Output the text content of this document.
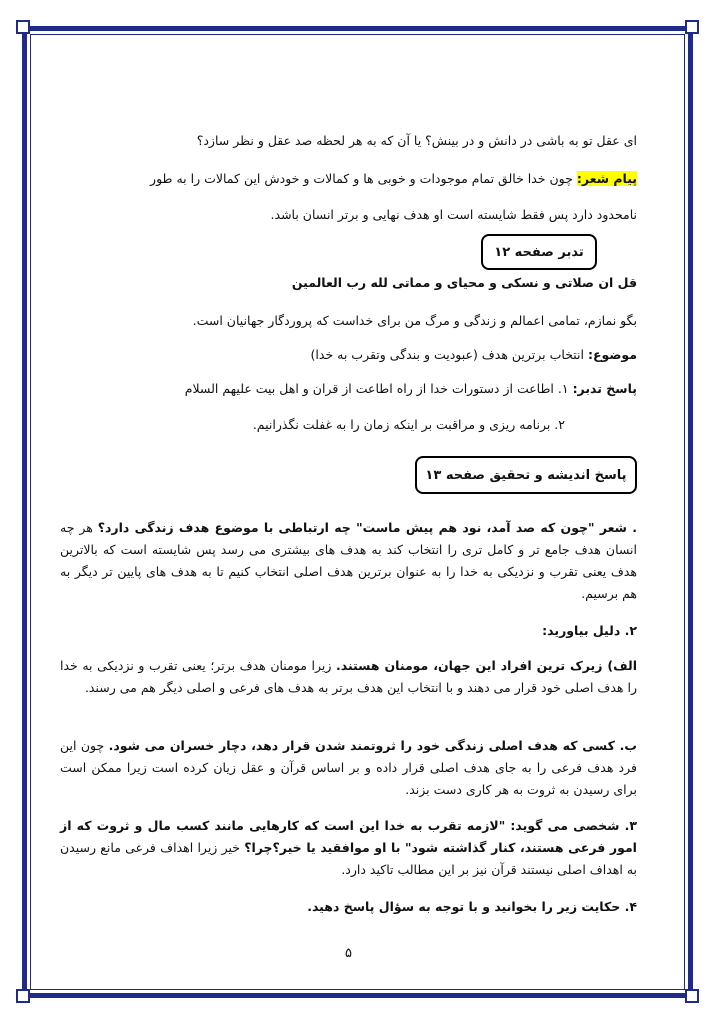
ای عقل تو به باشی در دانش و در بینش؟ یا آن که به هر لحظه صد عقل و نظر سازد؟
پیام شعر: چون خدا خالق تمام موجودات و خوبی ها و کمالات و خودش این کمالات را به طور
نامحدود دارد پس فقط شایسته است او هدف نهایی و برتر انسان باشد.
تدبر صفحه ۱۲
قل ان صلاتی و نسکی و محیای و مماتی لله رب العالمین
بگو نمازم، تمامی اعمالم و زندگی و مرگ من برای خداست که پروردگار جهانیان است.
موضوع: انتخاب برترین هدف (عبودیت و بندگی وتقرب به خدا)
پاسخ تدبر: ۱. اطاعت از دستورات خدا از راه اطاعت از قران و اهل بیت علیهم السلام
۲. برنامه ریزی و مراقبت بر اینکه زمان را به غفلت نگذرانیم.
پاسخ اندیشه و تحقیق صفحه ۱۳
. شعر "چون که صد آمد، نود هم پیش ماست" چه ارتباطی با موضوع هدف زندگی دارد؟ هر چه انسان هدف جامع تر و کامل تری را انتخاب کند به هدف های بیشتری می رسد پس شایسته است که بالاترین هدف یعنی تقرب و نزدیکی به خدا را به عنوان برترین هدف اصلی انتخاب کنیم تا به هدف های پایین تر دیگر به هم برسیم.
۲. دلیل بیاورید:
الف) زیرک ترین افراد این جهان، مومنان هستند. زیرا مومنان هدف برتر؛ یعنی تقرب و نزدیکی به خدا را هدف اصلی خود قرار می دهند و با انتخاب این هدف برتر به هدف های فرعی و اصلی دیگر هم می رسند.
ب. کسی که هدف اصلی زندگی خود را ثروتمند شدن قرار دهد، دچار خسران می شود. چون این فرد هدف فرعی را به جای هدف اصلی قرار داده و بر اساس قرآن و عقل زیان کرده است زیرا ممکن است برای رسیدن به ثروت به هر کاری دست بزند.
۳. شخصی می گوید: "لازمه تقرب به خدا این است که کارهایی مانند کسب مال و ثروت که از امور فرعی هستند، کنار گذاشته شود" با او موافقید یا خیر؟چرا؟ خیر زیرا اهداف فرعی مانع رسیدن به اهداف اصلی نیستند قرآن نیز بر این مطالب تاکید دارد.
۴. حکایت زیر را بخوانید و با توجه به سؤال پاسخ دهید.
۵
